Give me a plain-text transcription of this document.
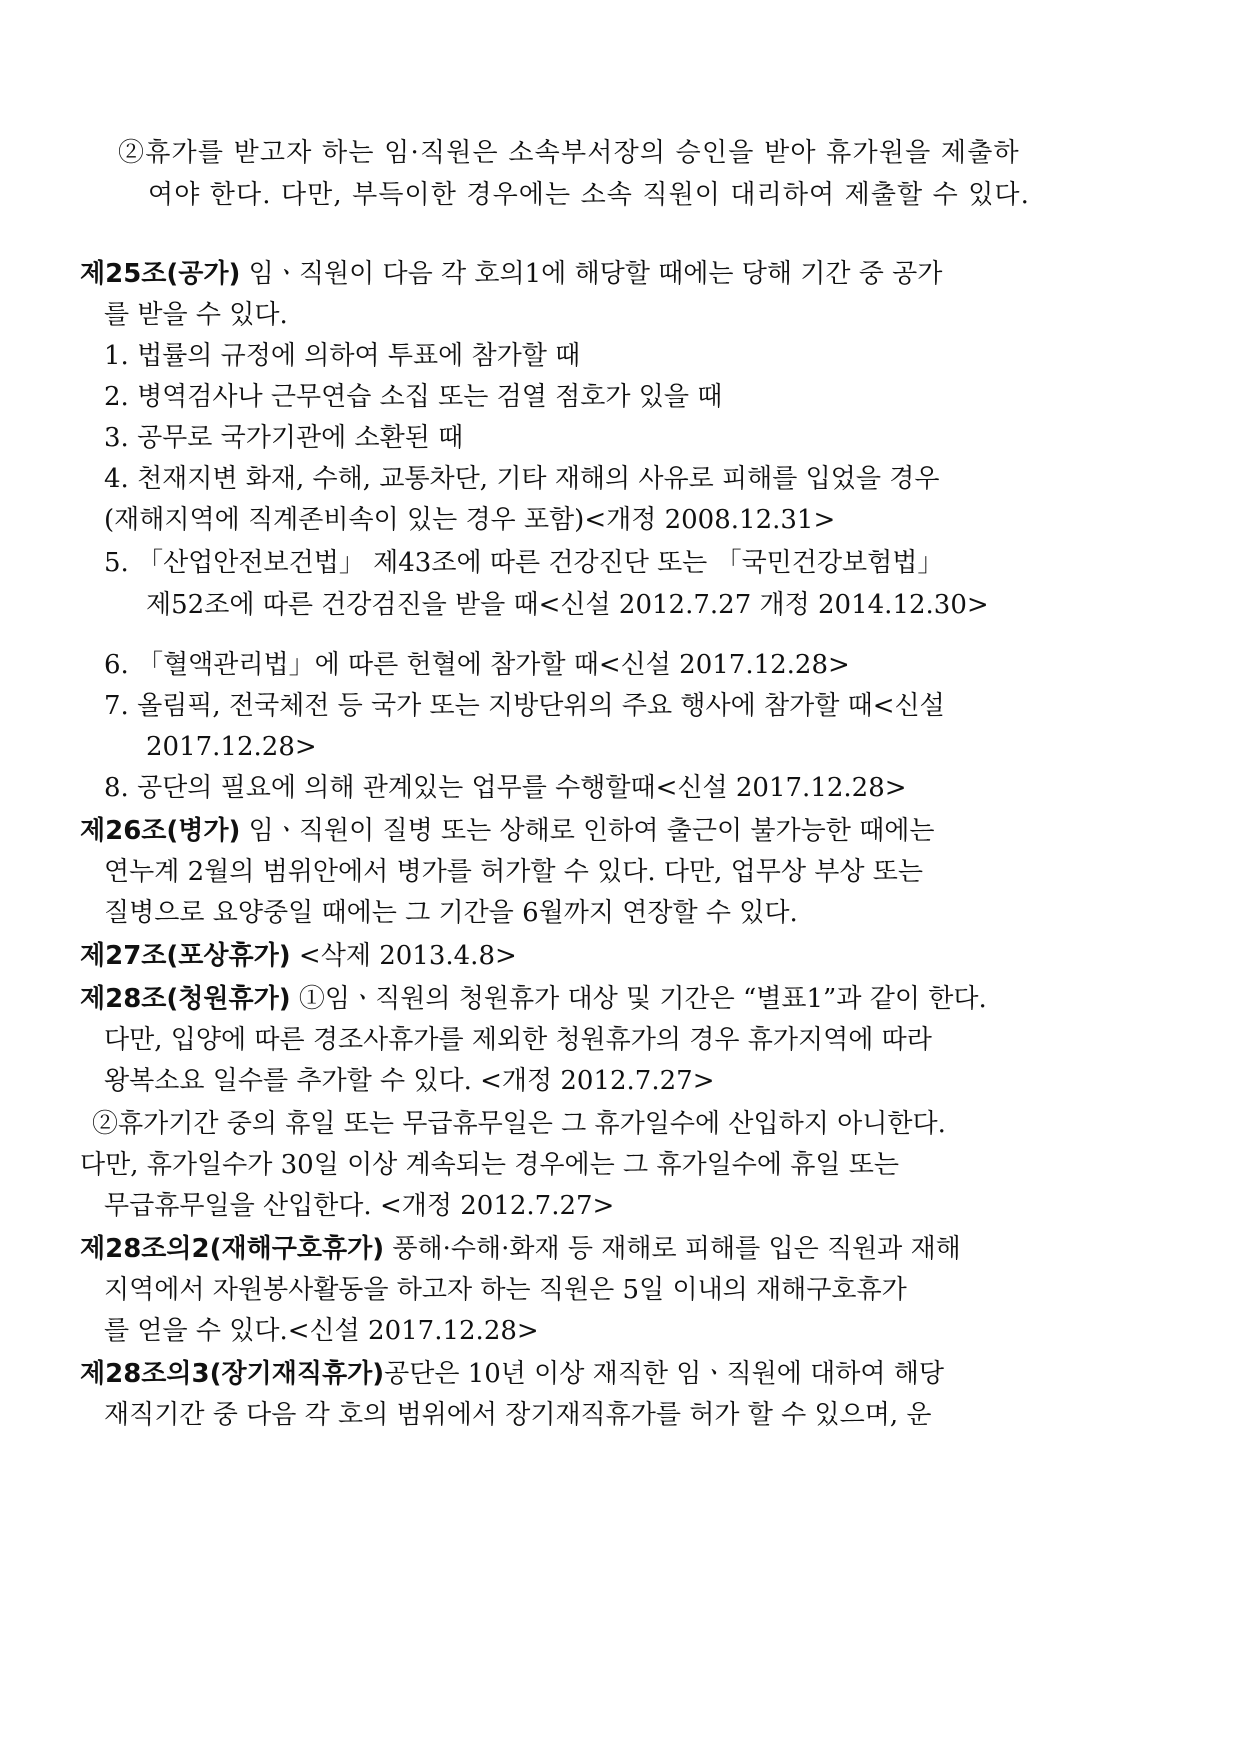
②휴가를 받고자 하는 임·직원은 소속부서장의 승인을 받아 휴가원을 제출하
여야 한다. 다만, 부득이한 경우에는 소속 직원이 대리하여 제출할 수 있다.
제25조(공가) 임ㆍ직원이 다음 각 호의1에 해당할 때에는 당해 기간 중 공가
를 받을 수 있다.
1. 법률의 규정에 의하여 투표에 참가할 때
2. 병역검사나 근무연습 소집 또는 검열 점호가 있을 때
3. 공무로 국가기관에 소환된 때
4. 천재지변 화재, 수해, 교통차단, 기타 재해의 사유로 피해를 입었을 경우
(재해지역에 직계존비속이 있는 경우 포함)<개정 2008.12.31>
5. 「산업안전보건법」 제43조에 따른 건강진단 또는 「국민건강보험법」
제52조에 따른 건강검진을 받을 때<신설 2012.7.27 개정 2014.12.30>
6. 「혈액관리법」에 따른 헌혈에 참가할 때<신설 2017.12.28>
7. 올림픽, 전국체전 등 국가 또는 지방단위의 주요 행사에 참가할 때<신설
2017.12.28>
8. 공단의 필요에 의해 관계있는 업무를 수행할때<신설 2017.12.28>
제26조(병가) 임ㆍ직원이 질병 또는 상해로 인하여 출근이 불가능한 때에는
연누계 2월의 범위안에서 병가를 허가할 수 있다. 다만, 업무상 부상 또는
질병으로 요양중일 때에는 그 기간을 6월까지 연장할 수 있다.
제27조(포상휴가) <삭제 2013.4.8>
제28조(청원휴가) ①임ㆍ직원의 청원휴가 대상 및 기간은 “별표1”과 같이 한다.
다만, 입양에 따른 경조사휴가를 제외한 청원휴가의 경우 휴가지역에 따라
왕복소요 일수를 추가할 수 있다. <개정 2012.7.27>
②휴가기간 중의 휴일 또는 무급휴무일은 그 휴가일수에 산입하지 아니한다.
다만, 휴가일수가 30일 이상 계속되는 경우에는 그 휴가일수에 휴일 또는
무급휴무일을 산입한다. <개정 2012.7.27>
제28조의2(재해구호휴가) 풍해·수해·화재 등 재해로 피해를 입은 직원과 재해
지역에서 자원봉사활동을 하고자 하는 직원은 5일 이내의 재해구호휴가
를 얻을 수 있다.<신설 2017.12.28>
제28조의3(장기재직휴가)공단은 10년 이상 재직한 임ㆍ직원에 대하여 해당
재직기간 중 다음 각 호의 범위에서 장기재직휴가를 허가 할 수 있으며, 운
